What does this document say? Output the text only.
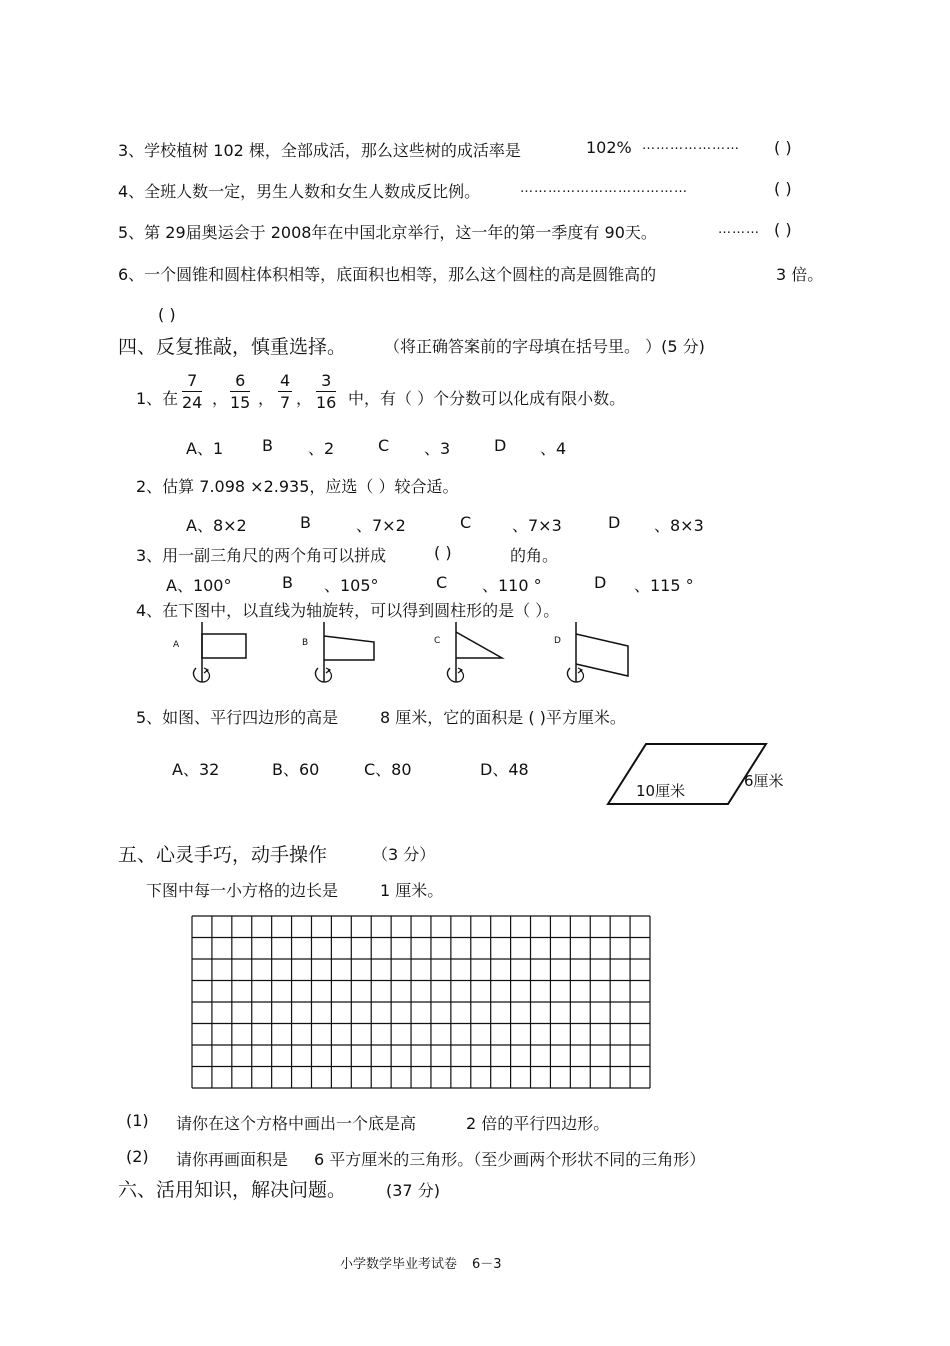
3、学校植树 102 棵，全部成活，那么这些树的成活率是	102% ………………… ( )
4、全班人数一定，男生人数和女生人数成反比例。	………………………………	( )
5、第 29届奥运会于 2008年在中国北京举行，这一年的第一季度有 90天。	……… ( )
6、一个圆锥和圆柱体积相等，底面积也相等，那么这个圆柱的高是圆锥高的	3 倍。
( )
四、反复推敲，慎重选择。 （将正确答案前的字母填在括号里。 ）(5 分)
1、在
7
24 ，
6
15 ，
4
7 ，
3
16 中，有（ ）个分数可以化成有限小数。
A、1 B 、2	C 、3	D 、4
2、估算 7.098 ×2.935，应选（ ）较合适。
A、8×2	B	、7×2	C	、7×3	D 、8×3
3、用一副三角尺的两个角可以拼成	( )	的角。
A、100°	B 、105°	C 、110 °	D 、115 °
4、在下图中，以直线为轴旋转，可以得到圆柱形的是（ ）。
A	B	C	D
5、如图、平行四边形的高是	8 厘米，它的面积是 ( )平方厘米。
A、32	B、60	C、80	D、48
10厘米
6厘米
五、心灵手巧，动手操作	（3 分）
下图中每一小方格的边长是	1 厘米。
(1) 请你在这个方格中画出一个底是高	2 倍的平行四边形。
(2) 请你再画面积是 6 平方厘米的三角形。（至少画两个形状不同的三角形）
六、活用知识，解决问题。 (37 分)
小学数学毕业考试卷 6－3
